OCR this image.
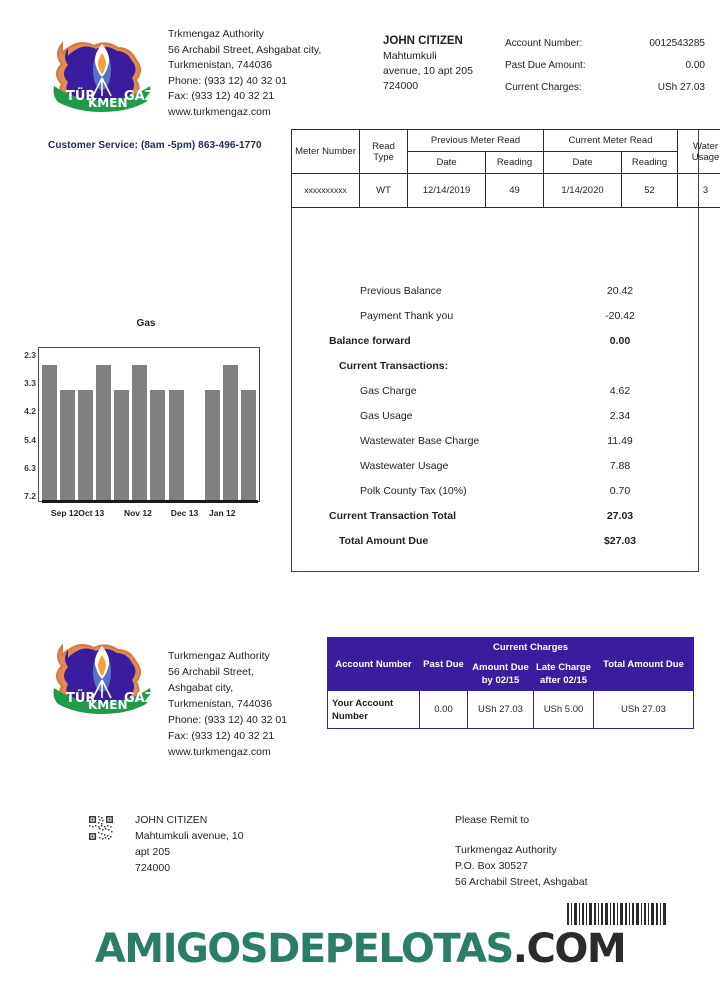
TÜR
KMEN
GAZ
Trkmengaz Authority
56 Archabil Street, Ashgabat city,
Turkmenistan, 744036
Phone: (933 12) 40 32 01
Fax: (933 12) 40 32 21
www.turkmengaz.com
Customer Service: (8am -5pm) 863-496-1770
JOHN CITIZEN
Mahtumkuli
avenue, 10 apt 205
724000
Account Number:	0012543285
Past Due Amount:	0.00
Current Charges:	USh 27.03
Meter Number	Read Type	Previous Meter Read		Current Meter Read		Water Usage
		Date	Reading	Date	Reading	
xxxxxxxxxx	WT	12/14/2019	49	1/14/2020	52	3
Previous Balance	20.42
Payment Thank you	-20.42
Balance forward	0.00
Current Transactions:
Gas Charge	4.62
Gas Usage	2.34
Wastewater Base Charge	11.49
Wastewater Usage	7.88
Polk County Tax (10%)	0.70
Current Transaction Total	27.03
Total Amount Due	$27.03
Gas
2.3
3.3
4.2
5.4
6.3
7.2
Sep 12 Oct 13 Nov 12 Dec 13 Jan 12
TÜR
KMEN
GAZ
Turkmengaz Authority
56 Archabil Street,
Ashgabat city,
Turkmenistan, 744036
Phone: (933 12) 40 32 01
Fax: (933 12) 40 32 21
www.turkmengaz.com
Account Number	Past Due	Current Charges		Total Amount Due
		Amount Due by 02/15	Late Charge after 02/15	
Your Account Number	0.00	USh 27.03	USh 5.00	USh 27.03
JOHN CITIZEN
Mahtumkuli avenue, 10
apt 205
724000
Please Remit to
Turkmengaz Authority
P.O. Box 30527
56 Archabil Street, Ashgabat
AMIGOSDEPELOTAS.COM
